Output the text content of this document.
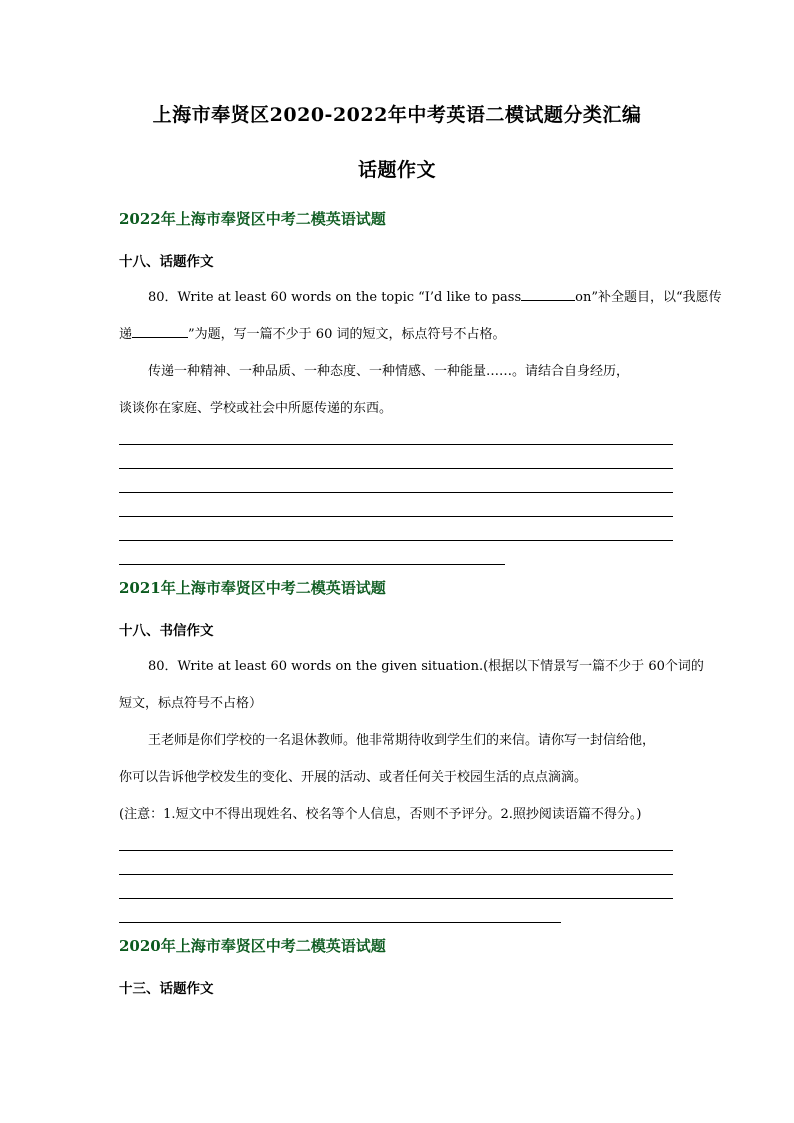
上海市奉贤区2020-2022年中考英语二模试题分类汇编
话题作文
2022年上海市奉贤区中考二模英语试题
十八、话题作文
80．Write at least 60 words on the topic “I’d like to pass	on”补全题目，以“我愿传
递	”为题，写一篇不少于 60 词的短文，标点符号不占格。
传递一种精神、一种品质、一种态度、一种情感、一种能量……。请结合自身经历，
谈谈你在家庭、学校或社会中所愿传递的东西。
2021年上海市奉贤区中考二模英语试题
十八、书信作文
80．Write at least 60 words on the given situation.(根据以下情景写一篇不少于 60个词的
短文，标点符号不占格）
王老师是你们学校的一名退休教师。他非常期待收到学生们的来信。请你写一封信给他，
你可以告诉他学校发生的变化、开展的活动、或者任何关于校园生活的点点滴滴。
(注意：1.短文中不得出现姓名、校名等个人信息，否则不予评分。2.照抄阅读语篇不得分。)
2020年上海市奉贤区中考二模英语试题
十三、话题作文
